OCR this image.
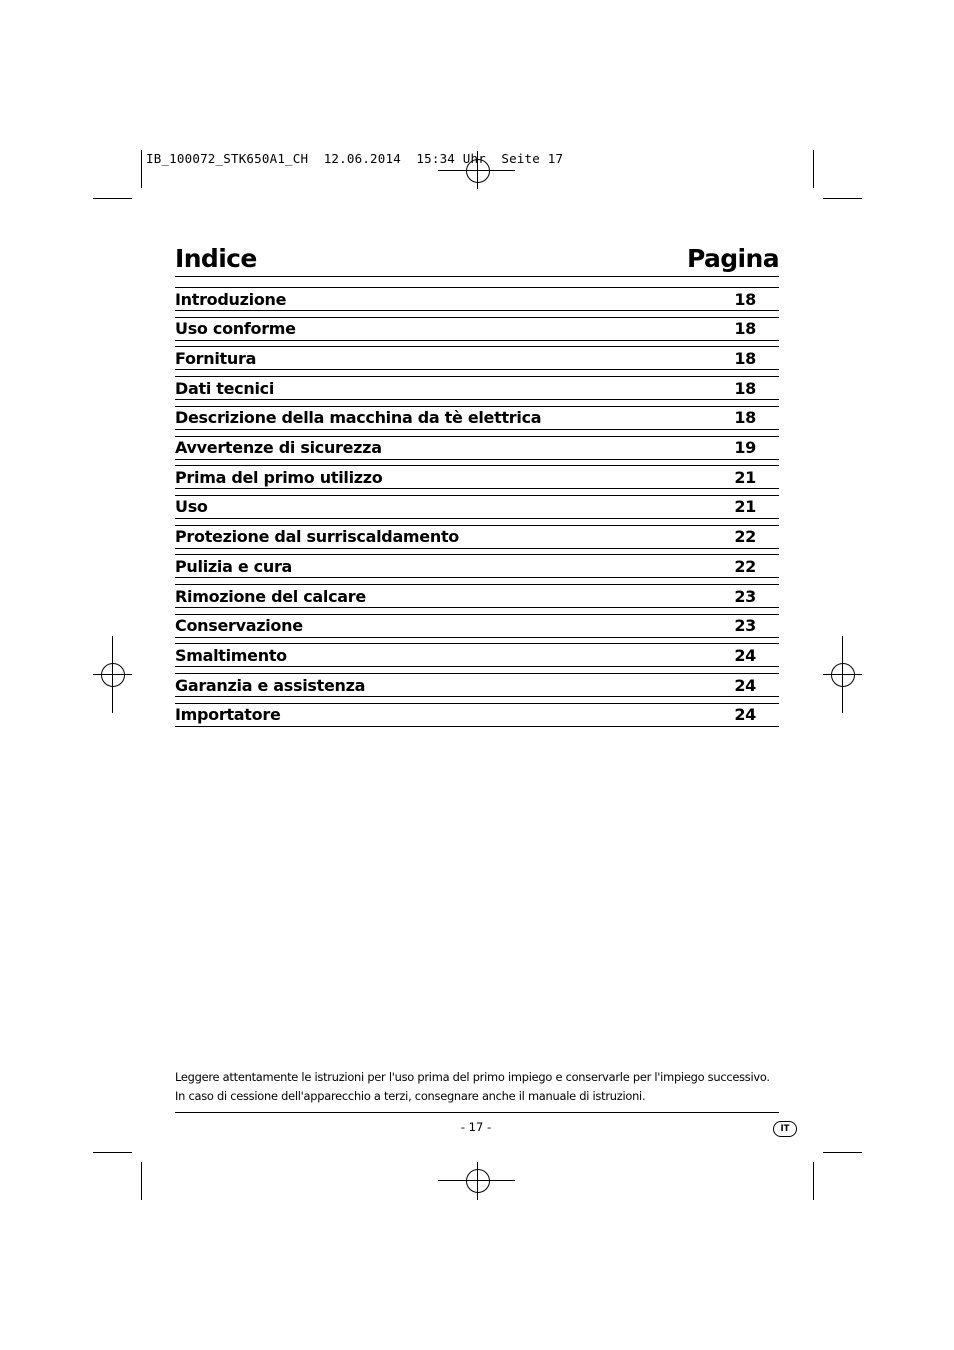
IB_100072_STK650A1_CH  12.06.2014  15:34 Uhr  Seite 17
Indice	Pagina
Introduzione	18
Uso conforme	18
Fornitura	18
Dati tecnici	18
Descrizione della macchina da tè elettrica	18
Avvertenze di sicurezza	19
Prima del primo utilizzo	21
Uso	21
Protezione dal surriscaldamento	22
Pulizia e cura	22
Rimozione del calcare	23
Conservazione	23
Smaltimento	24
Garanzia e assistenza	24
Importatore	24
Leggere attentamente le istruzioni per l'uso prima del primo impiego e conservarle per l'impiego successivo.
In caso di cessione dell'apparecchio a terzi, consegnare anche il manuale di istruzioni.
- 17 -	IT
